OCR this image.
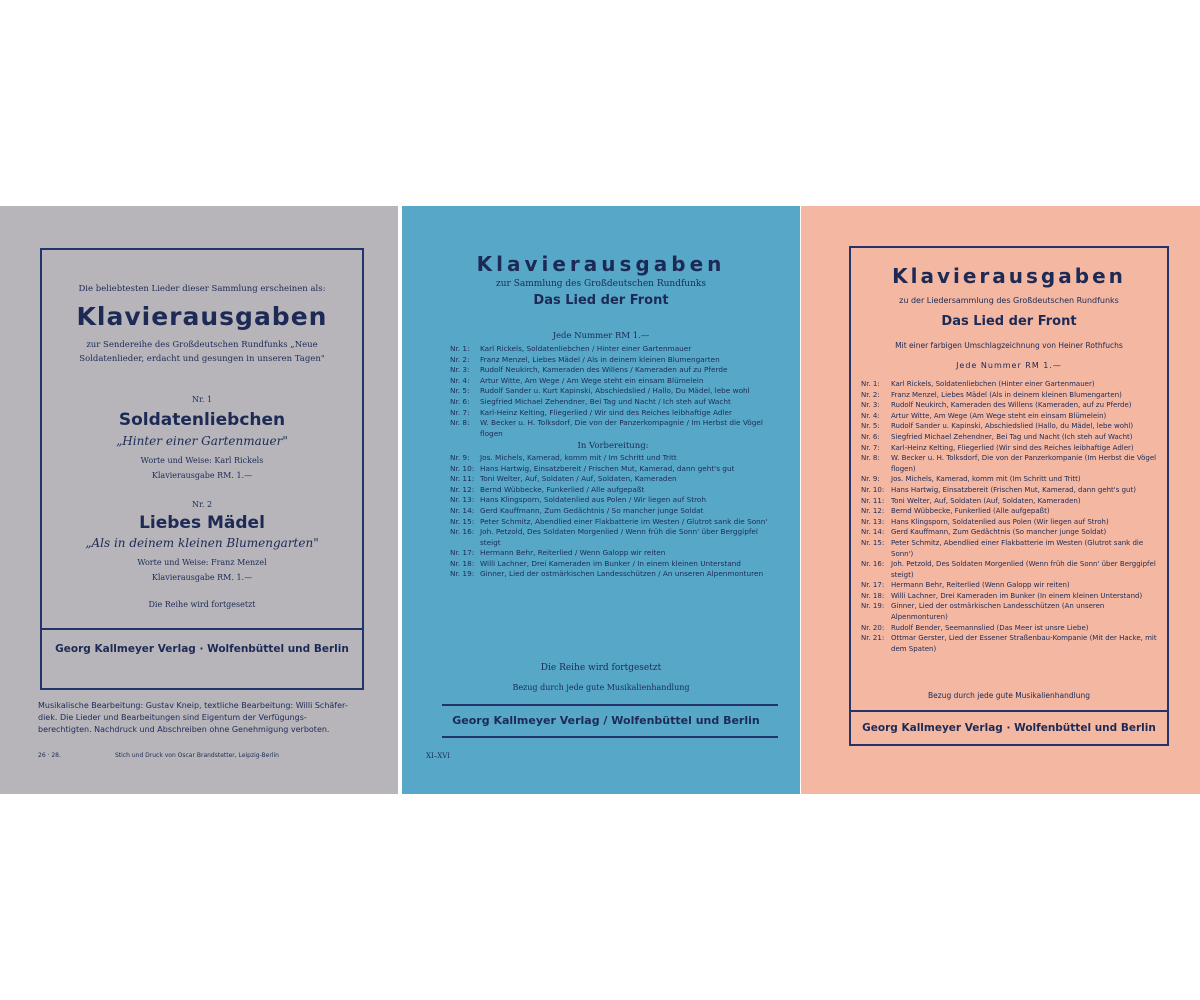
Die beliebtesten Lieder dieser Sammlung erscheinen als:
Klavierausgaben
zur Sendereihe des Großdeutschen Rundfunks „Neue
Soldatenlieder, erdacht und gesungen in unseren Tagen"
Nr. 1
Soldatenliebchen
„Hinter einer Gartenmauer"
Worte und Weise: Karl Rickels
Klavierausgabe RM. 1.—
Nr. 2
Liebes Mädel
„Als in deinem kleinen Blumengarten"
Worte und Weise: Franz Menzel
Klavierausgabe RM. 1.—
Die Reihe wird fortgesetzt
Georg Kallmeyer Verlag · Wolfenbüttel und Berlin
Musikalische Bearbeitung: Gustav Kneip, textliche Bearbeitung: Willi Schäfer-
diek. Die Lieder und Bearbeitungen sind Eigentum der Verfügungs-
berechtigten. Nachdruck und Abschreiben ohne Genehmigung verboten.
26 · 28.	Stich und Druck von Oscar Brandstetter, Leipzig-Berlin
Klavierausgaben
zur Sammlung des Großdeutschen Rundfunks
Das Lied der Front
Jede Nummer RM 1.—
Nr. 1:	Karl Rickels, Soldatenliebchen / Hinter einer Gartenmauer
Nr. 2:	Franz Menzel, Liebes Mädel / Als in deinem kleinen Blumengarten
Nr. 3:	Rudolf Neukirch, Kameraden des Willens / Kameraden auf zu Pferde
Nr. 4:	Artur Witte, Am Wege / Am Wege steht ein einsam Blümelein
Nr. 5:	Rudolf Sander u. Kurt Kapinski, Abschiedslied / Hallo, Du Mädel, lebe wohl
Nr. 6:	Siegfried Michael Zehendner, Bei Tag und Nacht / Ich steh auf Wacht
Nr. 7:	Karl-Heinz Kelting, Fliegerlied / Wir sind des Reiches leibhaftige Adler
Nr. 8:	W. Becker u. H. Tolksdorf, Die von der Panzerkompagnie / Im Herbst die Vögel flogen
In Vorbereitung:
Nr. 9:	Jos. Michels, Kamerad, komm mit / Im Schritt und Tritt
Nr. 10: Hans Hartwig, Einsatzbereit / Frischen Mut, Kamerad, dann geht's gut
Nr. 11: Toni Welter, Auf, Soldaten / Auf, Soldaten, Kameraden
Nr. 12: Bernd Wübbecke, Funkerlied / Alle aufgepaßt
Nr. 13: Hans Klingsporn, Soldatenlied aus Polen / Wir liegen auf Stroh
Nr. 14: Gerd Kauffmann, Zum Gedächtnis / So mancher junge Soldat
Nr. 15: Peter Schmitz, Abendlied einer Flakbatterie im Westen / Glutrot sank die Sonn'
Nr. 16: Joh. Petzold, Des Soldaten Morgenlied / Wenn früh die Sonn' über Berggipfel steigt
Nr. 17: Hermann Behr, Reiterlied / Wenn Galopp wir reiten
Nr. 18: Willi Lachner, Drei Kameraden im Bunker / In einem kleinen Unterstand
Nr. 19: Ginner, Lied der ostmärkischen Landesschützen / An unseren Alpenmonturen
Die Reihe wird fortgesetzt
Bezug durch jede gute Musikalienhandlung
Georg Kallmeyer Verlag / Wolfenbüttel und Berlin
XI–XVI
Klavierausgaben
zu der Liedersammlung des Großdeutschen Rundfunks
Das Lied der Front
Mit einer farbigen Umschlagzeichnung von Heiner Rothfuchs
Jede Nummer RM 1.—
Nr. 1:	Karl Rickels, Soldatenliebchen (Hinter einer Gartenmauer)
Nr. 2:	Franz Menzel, Liebes Mädel (Als in deinem kleinen Blumengarten)
Nr. 3:	Rudolf Neukirch, Kameraden des Willens (Kameraden, auf zu Pferde)
Nr. 4:	Artur Witte, Am Wege (Am Wege steht ein einsam Blümelein)
Nr. 5:	Rudolf Sander u. Kapinski, Abschiedslied (Hallo, du Mädel, lebe wohl)
Nr. 6:	Siegfried Michael Zehendner, Bei Tag und Nacht (Ich steh auf Wacht)
Nr. 7:	Karl-Heinz Kelting, Fliegerlied (Wir sind des Reiches leibhaftige Adler)
Nr. 8:	W. Becker u. H. Tolksdorf, Die von der Panzerkompanie (Im Herbst die Vögel flogen)
Nr. 9:	Jos. Michels, Kamerad, komm mit (Im Schritt und Tritt)
Nr. 10: Hans Hartwig, Einsatzbereit (Frischen Mut, Kamerad, dann geht's gut)
Nr. 11: Toni Welter, Auf, Soldaten (Auf, Soldaten, Kameraden)
Nr. 12: Bernd Wübbecke, Funkerlied (Alle aufgepaßt)
Nr. 13: Hans Klingsporn, Soldatenlied aus Polen (Wir liegen auf Stroh)
Nr. 14: Gerd Kauffmann, Zum Gedächtnis (So mancher junge Soldat)
Nr. 15: Peter Schmitz, Abendlied einer Flakbatterie im Westen (Glutrot sank die Sonn')
Nr. 16: Joh. Petzold, Des Soldaten Morgenlied (Wenn früh die Sonn' über Berggipfel steigt)
Nr. 17: Hermann Behr, Reiterlied (Wenn Galopp wir reiten)
Nr. 18: Willi Lachner, Drei Kameraden im Bunker (In einem kleinen Unterstand)
Nr. 19: Ginner, Lied der ostmärkischen Landesschützen (An unseren Alpenmonturen)
Nr. 20: Rudolf Bender, Seemannslied (Das Meer ist unsre Liebe)
Nr. 21: Ottmar Gerster, Lied der Essener Straßenbau-Kompanie (Mit der Hacke, mit dem Spaten)
Bezug durch jede gute Musikalienhandlung
Georg Kallmeyer Verlag · Wolfenbüttel und Berlin
